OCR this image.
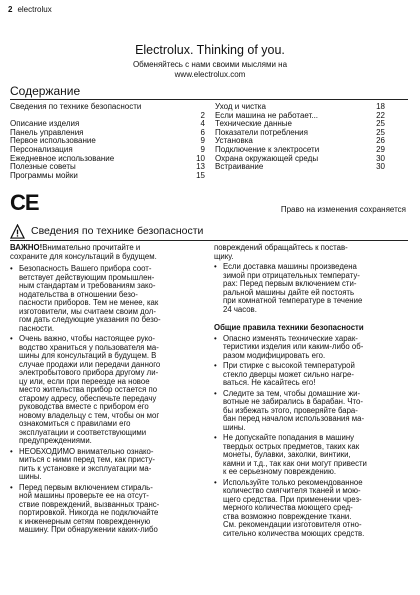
2 electrolux
Electrolux. Thinking of you.
Обменяйтесь с нами своими мыслями на
www.electrolux.com
Содержание
Сведения по технике безопасности
2
Описание изделия	4
Панель управления	6
Первое использование	9
Персонализация	9
Ежедневное использование	10
Полезные советы	13
Программы мойки	15
Уход и чистка	18
Если машина не работает...	22
Технические данные	25
Показатели потребления	25
Установка	26
Подключение к электросети	29
Охрана окружающей среды	30
Встраивание	30
CE	Право на изменения сохраняется
Сведения по технике безопасности

ВАЖНО!Внимательно прочитайте и
сохраните для консультаций в будущем.

• Безопасность Вашего прибора соот-
ветствует действующим промышлен-
ным стандартам и требованиям зако-
нодательства в отношении безо-
пасности приборов. Тем не менее, как
изготовители, мы считаем своим дол-
гом дать следующие указания по безо-
пасности.
• Очень важно, чтобы настоящее руко-
водство храниться у пользователя ма-
шины для консультаций в будущем. В
случае продажи или передачи данного
электробытового прибора другому ли-
цу или, если при переезде на новое
место жительства прибор остается по
старому адресу, обеспечьте передачу
руководства вместе с прибором его
новому владельцу с тем, чтобы он мог
ознакомиться с правилами его
эксплуатации и соответствующими
предупреждениями.
• НЕОБХОДИМО внимательно ознако-
миться с ними перед тем, как присту-
пить к установке и эксплуатации ма-
шины.
• Перед первым включением стираль-
ной машины проверьте ее на отсут-
ствие повреждений, вызванных транс-
портировкой. Никогда не подключайте
к инженерным сетям поврежденную
машину. При обнаружении каких-либо

повреждений обращайтесь к постав-
щику.

• Если доставка машины произведена
зимой при отрицательных температу-
рах: Перед первым включением сти-
ральной машины дайте ей постоять
при комнатной температуре в течение
24 часов.

Общие правила техники безопасности

• Опасно изменять технические харак-
теристики изделия или каким-либо об-
разом модифицировать его.
• При стирке с высокой температурой
стекло дверцы может сильно нагре-
ваться. Не касайтесь его!
• Следите за тем, чтобы домашние жи-
вотные не забирались в барабан. Что-
бы избежать этого, проверяйте бара-
бан перед началом использования ма-
шины.
• Не допускайте попадания в машину
твердых острых предметов, таких как
монеты, булавки, заколки, винтики,
камни и т.д., так как они могут привести
к ее серьезному повреждению.
• Используйте только рекомендованное
количество смягчителя тканей и мою-
щего средства. При применении чрез-
мерного количества моющего сред-
ства возможно повреждение ткани.
См. рекомендации изготовителя отно-
сительно количества моющих средств.
